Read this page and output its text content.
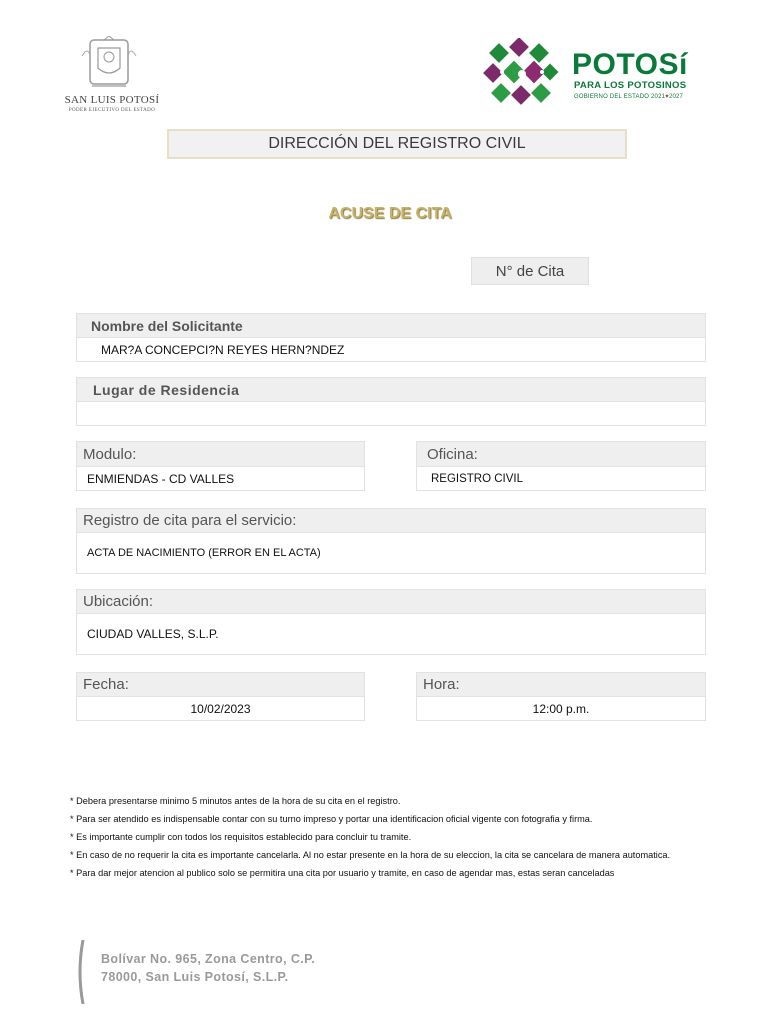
SAN LUIS POTOSÍ
PODER EJECUTIVO DEL ESTADO
POTOSí
PARA LOS POTOSINOS
GOBIERNO DEL ESTADO 2021♥2027
DIRECCIÓN DEL REGISTRO CIVIL
ACUSE DE CITA
N° de Cita
Nombre del Solicitante
MAR?A CONCEPCI?N REYES HERN?NDEZ
Lugar de Residencia
Modulo:
ENMIENDAS - CD VALLES
Oficina:
REGISTRO CIVIL
Registro de cita para el servicio:
ACTA DE NACIMIENTO (ERROR EN EL ACTA)
Ubicación:
CIUDAD VALLES, S.L.P.
Fecha:
10/02/2023
Hora:
12:00 p.m.
* Debera presentarse minimo 5 minutos antes de la hora de su cita en el registro.
* Para ser atendido es indispensable contar con su turno impreso y portar una identificacion oficial vigente con fotografia y firma.
* Es importante cumplir con todos los requisitos establecido para concluir tu tramite.
* En caso de no requerir la cita es importante cancelarla. Al no estar presente en la hora de su eleccion, la cita se cancelara de manera automatica.
* Para dar mejor atencion al publico solo se permitira una cita por usuario y tramite, en caso de agendar mas, estas seran canceladas
Bolívar No. 965, Zona Centro, C.P.
78000, San Luis Potosí, S.L.P.
